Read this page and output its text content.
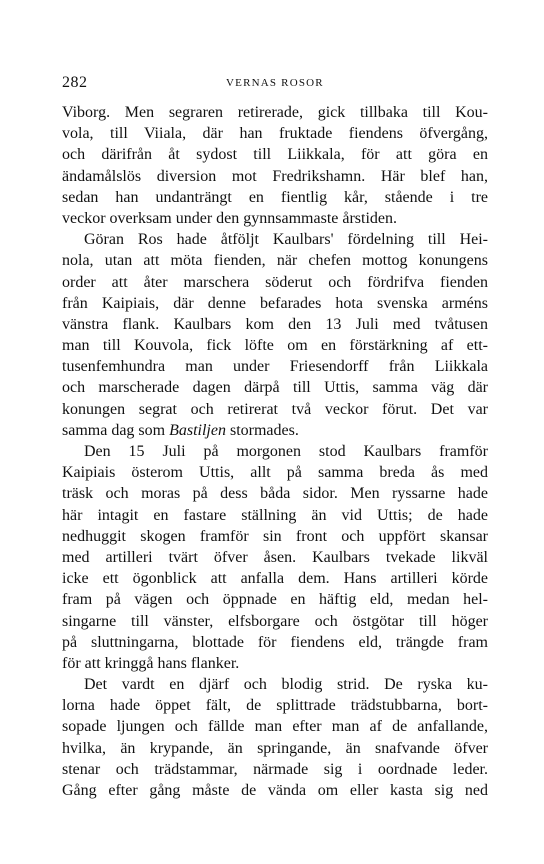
282	VERNAS ROSOR
Viborg. Men segraren retirerade, gick tillbaka till Kou-
vola, till Viiala, där han fruktade fiendens öfvergång,
och därifrån åt sydost till Liikkala, för att göra en
ändamålslös diversion mot Fredrikshamn. Här blef han,
sedan han undanträngt en fientlig kår, stående i tre
veckor overksam under den gynnsammaste årstiden.
Göran Ros hade åtföljt Kaulbars' fördelning till Hei-
nola, utan att möta fienden, när chefen mottog konungens
order att åter marschera söderut och fördrifva fienden
från Kaipiais, där denne befarades hota svenska arméns
vänstra flank. Kaulbars kom den 13 Juli med tvåtusen
man till Kouvola, fick löfte om en förstärkning af ett-
tusenfemhundra man under Friesendorff från Liikkala
och marscherade dagen därpå till Uttis, samma väg där
konungen segrat och retirerat två veckor förut. Det var
samma dag som Bastiljen stormades.
Den 15 Juli på morgonen stod Kaulbars framför
Kaipiais österom Uttis, allt på samma breda ås med
träsk och moras på dess båda sidor. Men ryssarne hade
här intagit en fastare ställning än vid Uttis; de hade
nedhuggit skogen framför sin front och uppfört skansar
med artilleri tvärt öfver åsen. Kaulbars tvekade likväl
icke ett ögonblick att anfalla dem. Hans artilleri körde
fram på vägen och öppnade en häftig eld, medan hel-
singarne till vänster, elfsborgare och östgötar till höger
på sluttningarna, blottade för fiendens eld, trängde fram
för att kringgå hans flanker.
Det vardt en djärf och blodig strid. De ryska ku-
lorna hade öppet fält, de splittrade trädstubbarna, bort-
sopade ljungen och fällde man efter man af de anfallande,
hvilka, än krypande, än springande, än snafvande öfver
stenar och trädstammar, närmade sig i oordnade leder.
Gång efter gång måste de vända om eller kasta sig ned
